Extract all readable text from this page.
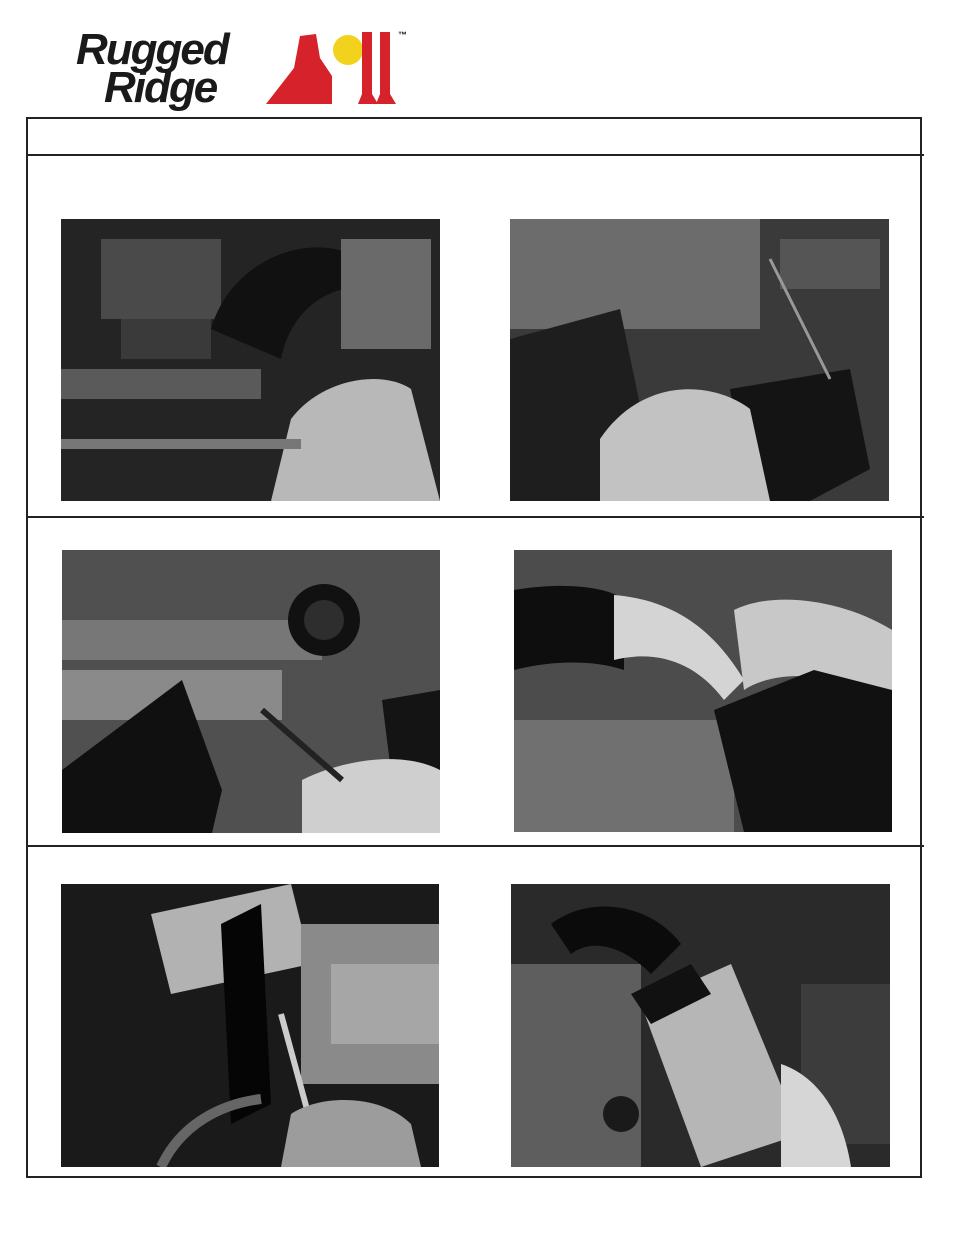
Rugged
Ridge
™
